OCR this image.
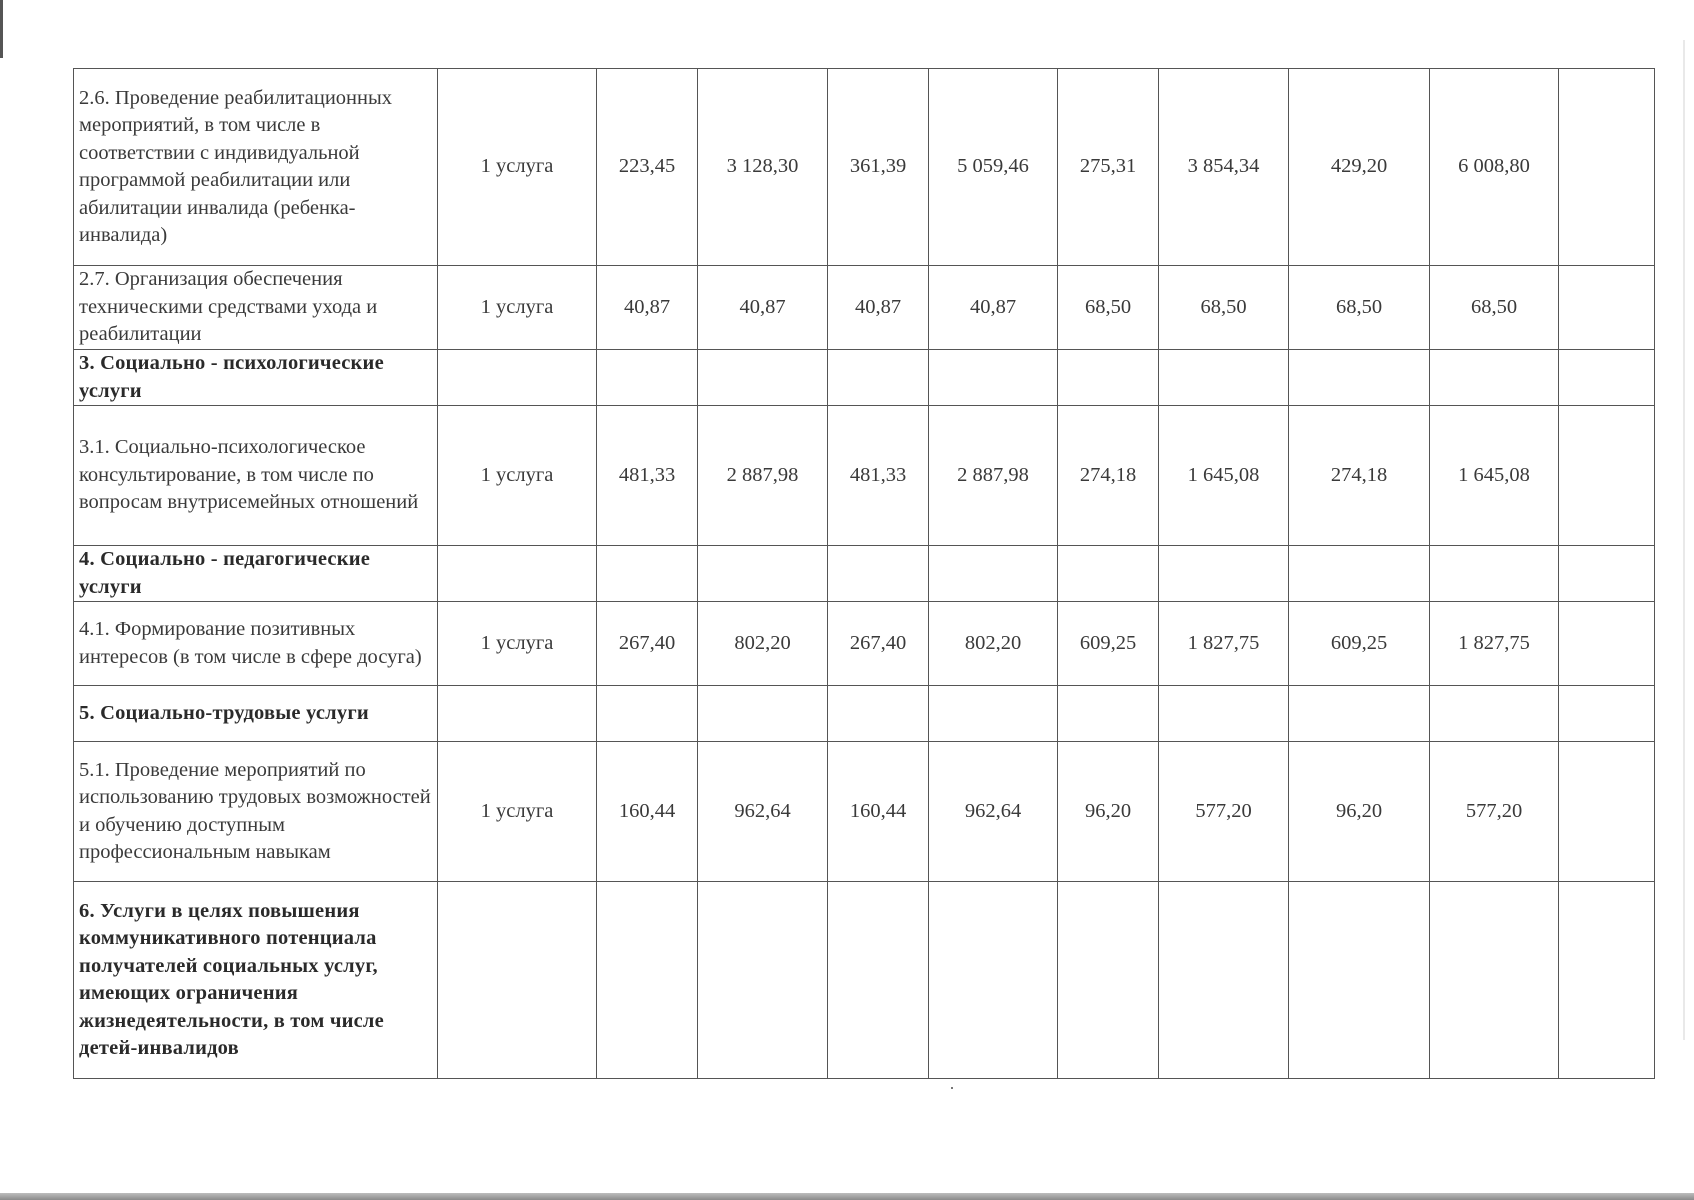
2.6. Проведение реабилитационных мероприятий, в том числе в соответствии с индивидуальной программой реабилитации или абилитации инвалида (ребенка-инвалида)	1 услуга	223,45	3 128,30	361,39	5 059,46	275,31	3 854,34	429,20	6 008,80	
2.7. Организация обеспечения техническими средствами ухода и реабилитации	1 услуга	40,87	40,87	40,87	40,87	68,50	68,50	68,50	68,50	
3. Социально - психологические услуги										
3.1. Социально-психологическое консультирование, в том числе по вопросам внутрисемейных отношений	1 услуга	481,33	2 887,98	481,33	2 887,98	274,18	1 645,08	274,18	1 645,08	
4. Социально - педагогические услуги										
4.1. Формирование позитивных интересов (в том числе в сфере досуга)	1 услуга	267,40	802,20	267,40	802,20	609,25	1 827,75	609,25	1 827,75	
5. Социально-трудовые услуги										
5.1. Проведение мероприятий по использованию трудовых возможностей и обучению доступным профессиональным навыкам	1 услуга	160,44	962,64	160,44	962,64	96,20	577,20	96,20	577,20	
6. Услуги в целях повышения коммуникативного потенциала получателей социальных услуг, имеющих ограничения жизнедеятельности, в том числе детей-инвалидов										
